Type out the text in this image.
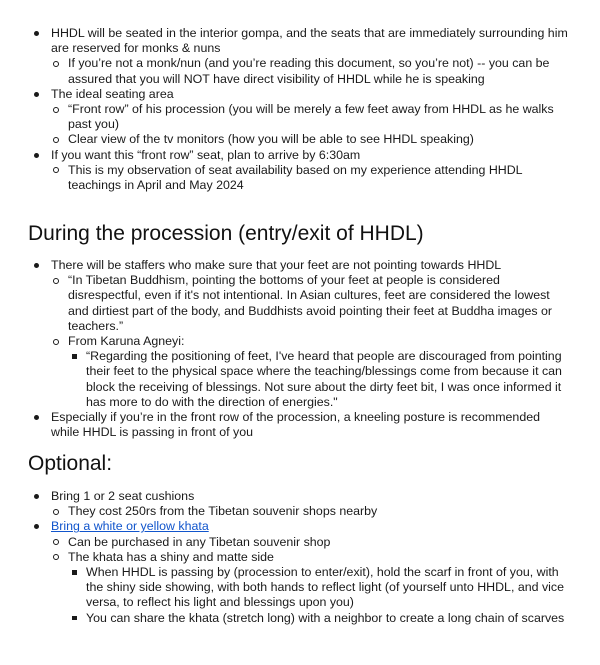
HHDL will be seated in the interior gompa, and the seats that are immediately surrounding him are reserved for monks & nuns
If you’re not a monk/nun (and you’re reading this document, so you’re not) -- you can be assured that you will NOT have direct visibility of HHDL while he is speaking
The ideal seating area
“Front row” of his procession (you will be merely a few feet away from HHDL as he walks past you)
Clear view of the tv monitors (how you will be able to see HHDL speaking)
If you want this “front row” seat, plan to arrive by 6:30am
This is my observation of seat availability based on my experience attending HHDL teachings in April and May 2024
During the procession (entry/exit of HHDL)
There will be staffers who make sure that your feet are not pointing towards HHDL
“In Tibetan Buddhism, pointing the bottoms of your feet at people is considered disrespectful, even if it's not intentional. In Asian cultures, feet are considered the lowest and dirtiest part of the body, and Buddhists avoid pointing their feet at Buddha images or teachers.”
From Karuna Agneyi:
“Regarding the positioning of feet, I've heard that people are discouraged from pointing their feet to the physical space where the teaching/blessings come from because it can block the receiving of blessings. Not sure about the dirty feet bit, I was once informed it has more to do with the direction of energies."
Especially if you’re in the front row of the procession, a kneeling posture is recommended while HHDL is passing in front of you
Optional:
Bring 1 or 2 seat cushions
They cost 250rs from the Tibetan souvenir shops nearby
Bring a white or yellow khata
Can be purchased in any Tibetan souvenir shop
The khata has a shiny and matte side
When HHDL is passing by (procession to enter/exit), hold the scarf in front of you, with the shiny side showing, with both hands to reflect light (of yourself unto HHDL, and vice versa, to reflect his light and blessings upon you)
You can share the khata (stretch long) with a neighbor to create a long chain of scarves
